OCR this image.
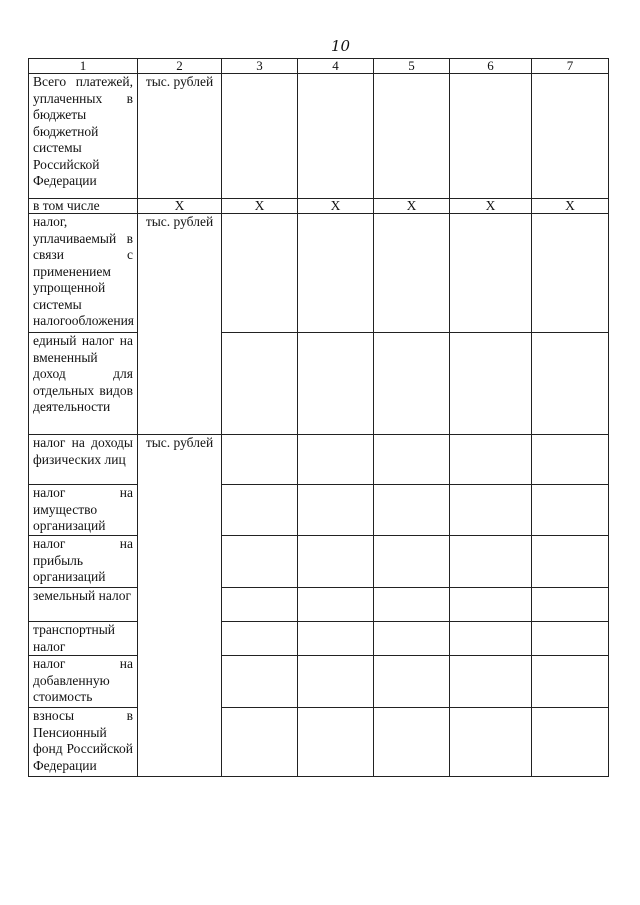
10
1	2	3	4	5	6	7
Всего платежей, уплаченных в бюджеты бюджетной системы Российской Федерации	тыс. рублей					
в том числе	Х	Х	Х	Х	Х	Х
налог, уплачиваемый в связи с применением упрощенной системы налогообложения	тыс. рублей					
единый налог на вмененный доход для отдельных видов деятельности						
налог на доходы физических лиц	тыс. рублей					
налог на имущество организаций						
налог на прибыль организаций						
земельный налог						
транспортный налог						
налог на добавленную стоимость						
взносы в Пенсионный фонд Российской Федерации						
